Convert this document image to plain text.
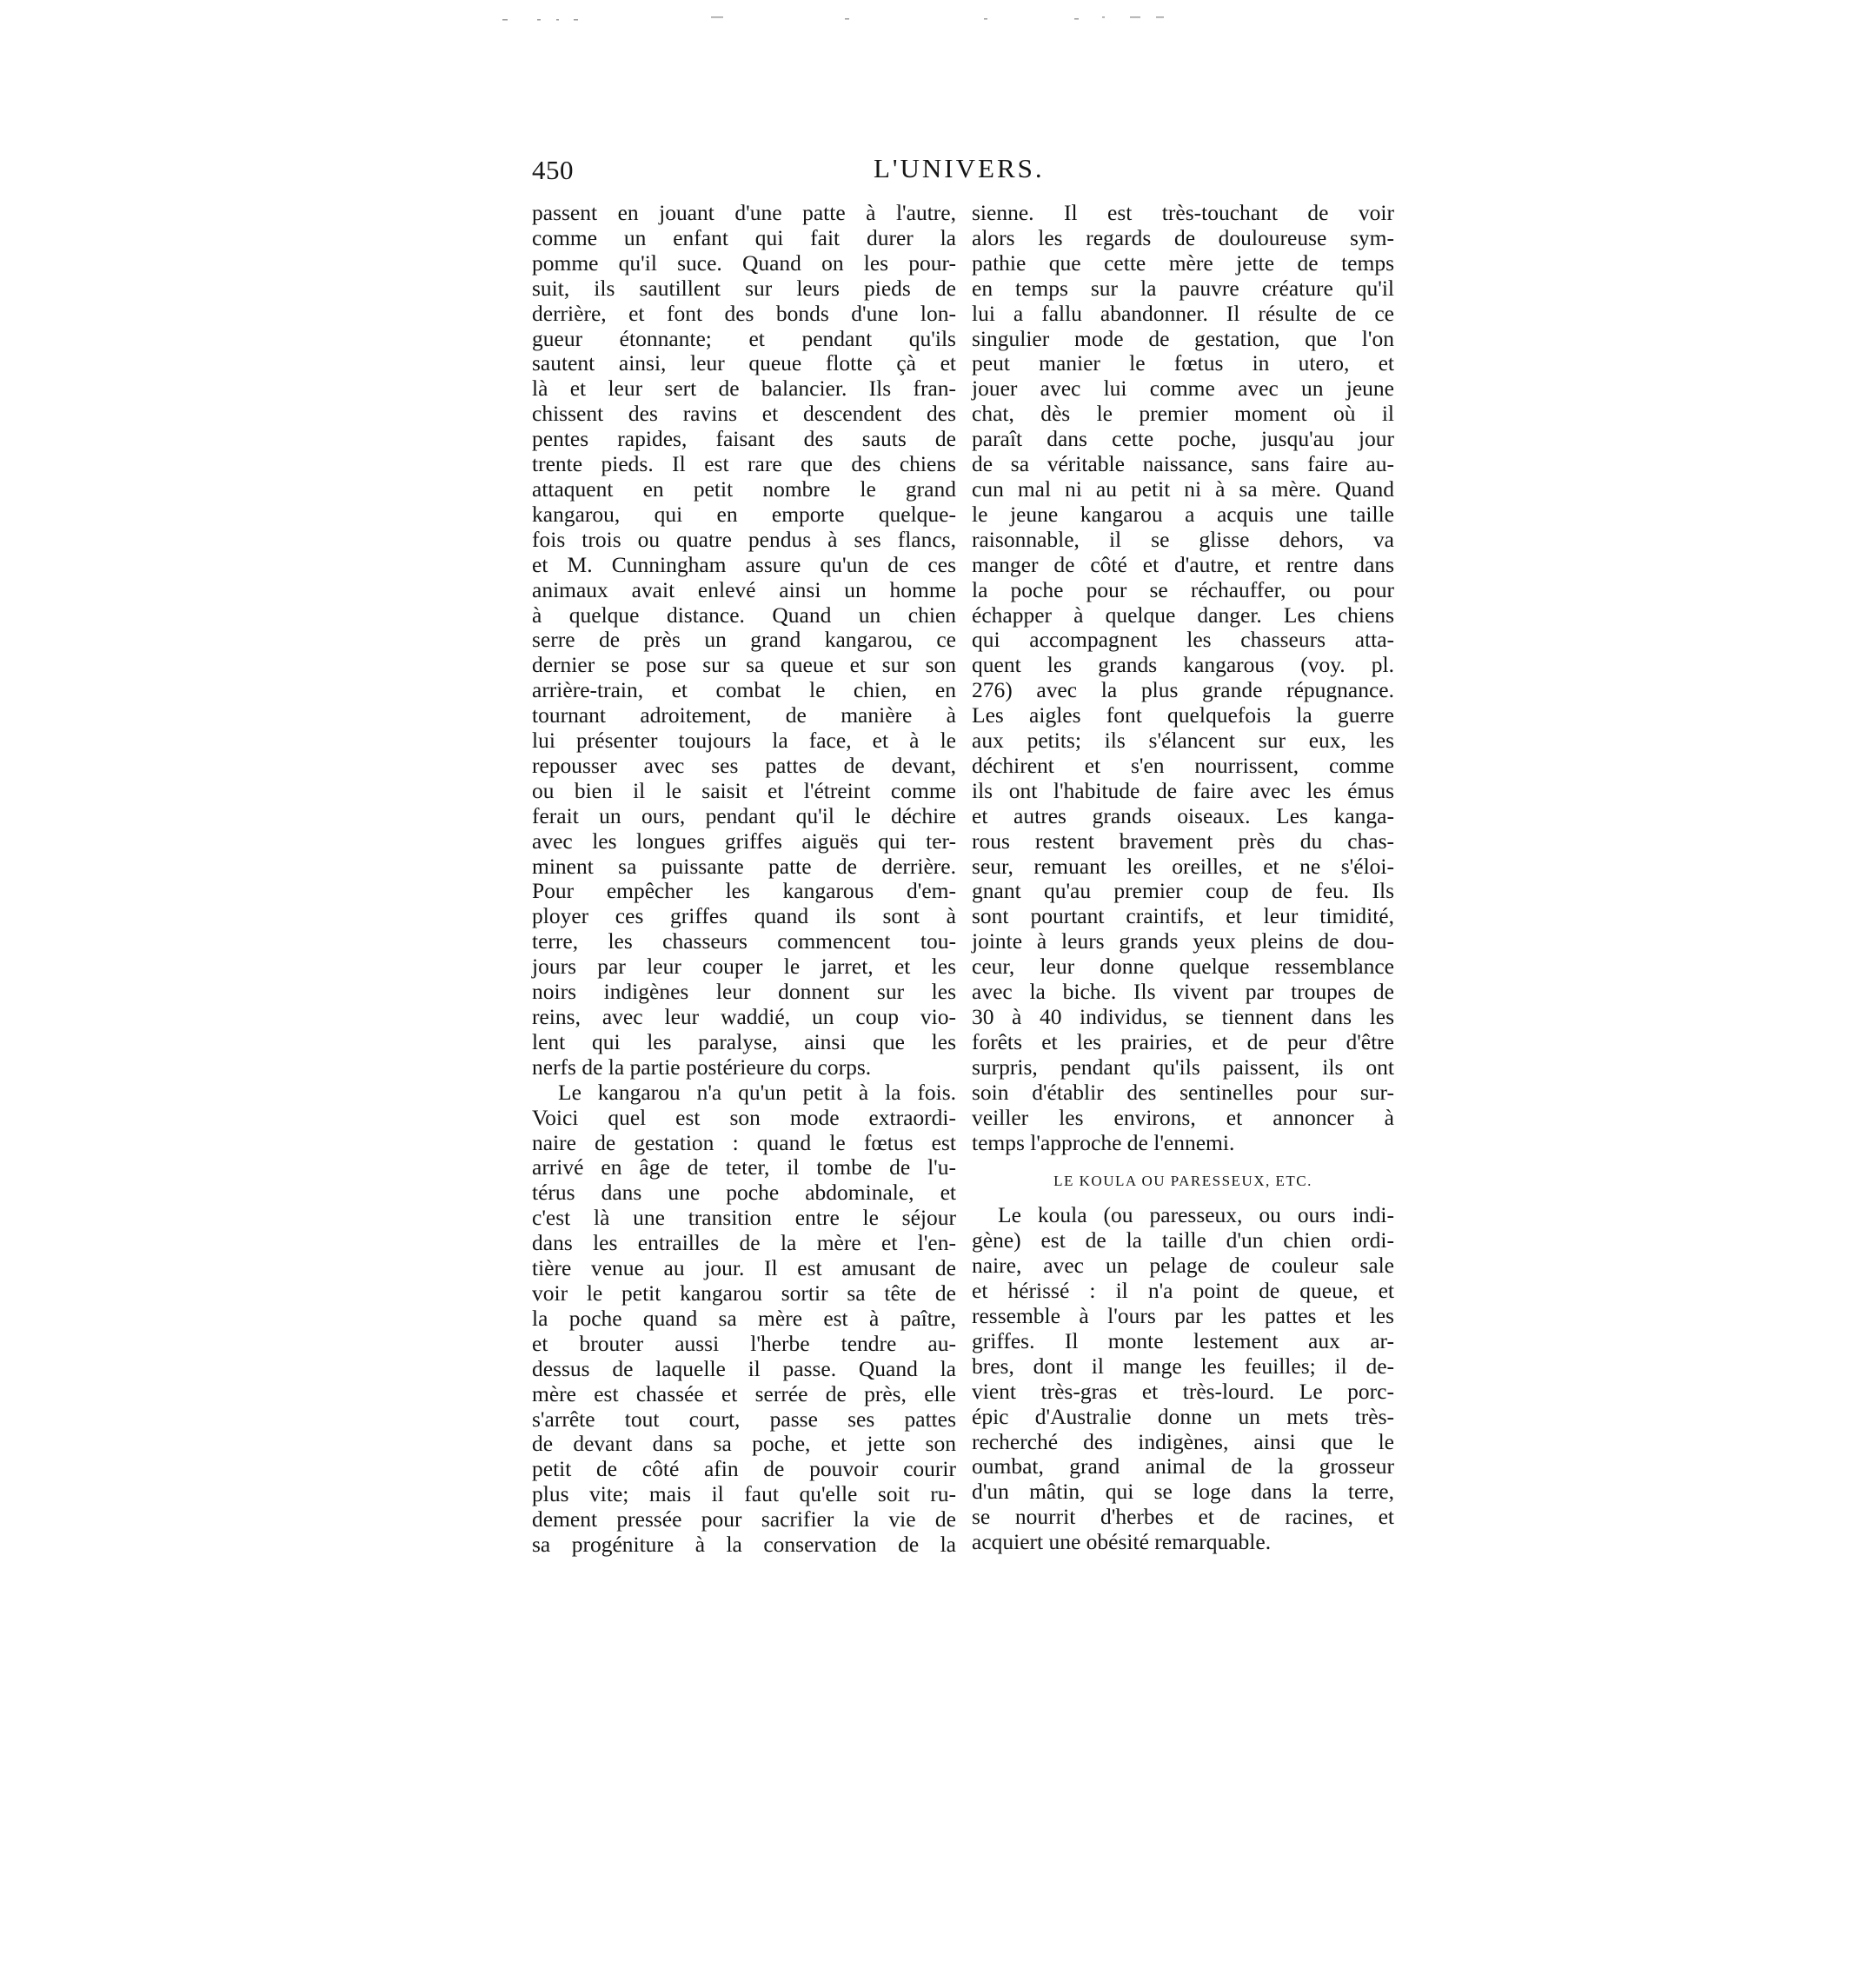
450	L'UNIVERS.
passent en jouant d'une patte à l'autre,
comme un enfant qui fait durer la
pomme qu'il suce. Quand on les pour-
suit, ils sautillent sur leurs pieds de
derrière, et font des bonds d'une lon-
gueur étonnante; et pendant qu'ils
sautent ainsi, leur queue flotte çà et
là et leur sert de balancier. Ils fran-
chissent des ravins et descendent des
pentes rapides, faisant des sauts de
trente pieds. Il est rare que des chiens
attaquent en petit nombre le grand
kangarou, qui en emporte quelque-
fois trois ou quatre pendus à ses flancs,
et M. Cunningham assure qu'un de ces
animaux avait enlevé ainsi un homme
à quelque distance. Quand un chien
serre de près un grand kangarou, ce
dernier se pose sur sa queue et sur son
arrière-train, et combat le chien, en
tournant adroitement, de manière à
lui présenter toujours la face, et à le
repousser avec ses pattes de devant,
ou bien il le saisit et l'étreint comme
ferait un ours, pendant qu'il le déchire
avec les longues griffes aiguës qui ter-
minent sa puissante patte de derrière.
Pour empêcher les kangarous d'em-
ployer ces griffes quand ils sont à
terre, les chasseurs commencent tou-
jours par leur couper le jarret, et les
noirs indigènes leur donnent sur les
reins, avec leur waddié, un coup vio-
lent qui les paralyse, ainsi que les
nerfs de la partie postérieure du corps.
Le kangarou n'a qu'un petit à la fois.
Voici quel est son mode extraordi-
naire de gestation : quand le fœtus est
arrivé en âge de teter, il tombe de l'u-
térus dans une poche abdominale, et
c'est là une transition entre le séjour
dans les entrailles de la mère et l'en-
tière venue au jour. Il est amusant de
voir le petit kangarou sortir sa tête de
la poche quand sa mère est à paître,
et brouter aussi l'herbe tendre au-
dessus de laquelle il passe. Quand la
mère est chassée et serrée de près, elle
s'arrête tout court, passe ses pattes
de devant dans sa poche, et jette son
petit de côté afin de pouvoir courir
plus vite; mais il faut qu'elle soit ru-
dement pressée pour sacrifier la vie de
sa progéniture à la conservation de la
sienne. Il est très-touchant de voir
alors les regards de douloureuse sym-
pathie que cette mère jette de temps
en temps sur la pauvre créature qu'il
lui a fallu abandonner. Il résulte de ce
singulier mode de gestation, que l'on
peut manier le fœtus in utero, et
jouer avec lui comme avec un jeune
chat, dès le premier moment où il
paraît dans cette poche, jusqu'au jour
de sa véritable naissance, sans faire au-
cun mal ni au petit ni à sa mère. Quand
le jeune kangarou a acquis une taille
raisonnable, il se glisse dehors, va
manger de côté et d'autre, et rentre dans
la poche pour se réchauffer, ou pour
échapper à quelque danger. Les chiens
qui accompagnent les chasseurs atta-
quent les grands kangarous (voy. pl.
276) avec la plus grande répugnance.
Les aigles font quelquefois la guerre
aux petits; ils s'élancent sur eux, les
déchirent et s'en nourrissent, comme
ils ont l'habitude de faire avec les émus
et autres grands oiseaux. Les kanga-
rous restent bravement près du chas-
seur, remuant les oreilles, et ne s'éloi-
gnant qu'au premier coup de feu. Ils
sont pourtant craintifs, et leur timidité,
jointe à leurs grands yeux pleins de dou-
ceur, leur donne quelque ressemblance
avec la biche. Ils vivent par troupes de
30 à 40 individus, se tiennent dans les
forêts et les prairies, et de peur d'être
surpris, pendant qu'ils paissent, ils ont
soin d'établir des sentinelles pour sur-
veiller les environs, et annoncer à
temps l'approche de l'ennemi.
LE KOULA OU PARESSEUX, ETC.
Le koula (ou paresseux, ou ours indi-
gène) est de la taille d'un chien ordi-
naire, avec un pelage de couleur sale
et hérissé : il n'a point de queue, et
ressemble à l'ours par les pattes et les
griffes. Il monte lestement aux ar-
bres, dont il mange les feuilles; il de-
vient très-gras et très-lourd. Le porc-
épic d'Australie donne un mets très-
recherché des indigènes, ainsi que le
oumbat, grand animal de la grosseur
d'un mâtin, qui se loge dans la terre,
se nourrit d'herbes et de racines, et
acquiert une obésité remarquable.
